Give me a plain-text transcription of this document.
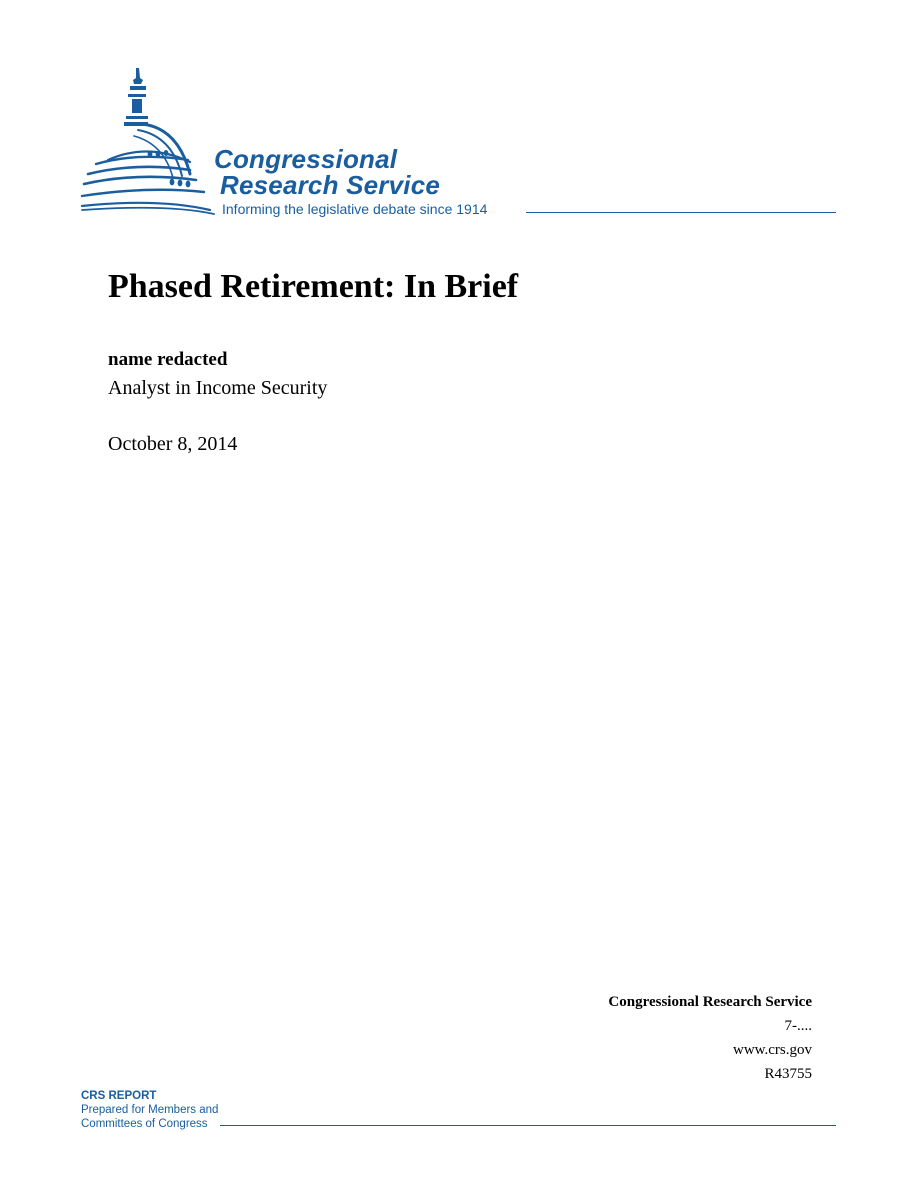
Congressional
Research Service
Informing the legislative debate since 1914
Phased Retirement: In Brief
name redacted
Analyst in Income Security
October 8, 2014
Congressional Research Service
7-....
www.crs.gov
R43755
CRS REPORT
Prepared for Members and
Committees of Congress
